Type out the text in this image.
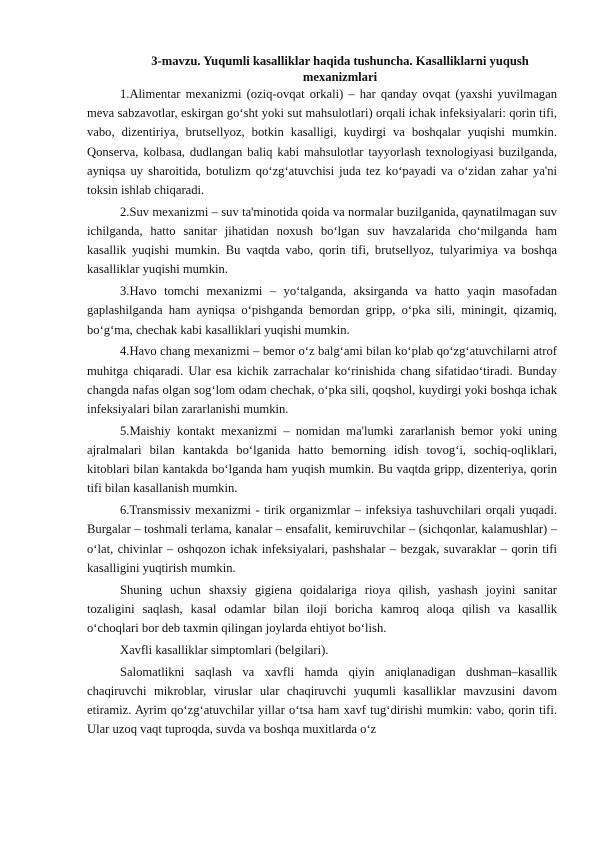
3-mavzu. Yuqumli kasalliklar haqida tushuncha. Kasalliklarni yuqush mexanizmlari

1.Alimentar mexanizmi (oziq-ovqat orkali) – har qanday ovqat (yaxshi yuvilmagan meva sabzavotlar, eskirgan go‘sht yoki sut mahsulotlari) orqali ichak infeksiyalari: qorin tifi, vabo, dizentiriya, brutsellyoz, botkin kasalligi, kuydirgi va boshqalar yuqishi mumkin. Qonserva, kolbasa, dudlangan baliq kabi mahsulotlar tayyorlash texnologiyasi buzilganda, ayniqsa uy sharoitida, botulizm qo‘zg‘atuvchisi juda tez ko‘payadi va o‘zidan zahar ya'ni toksin ishlab chiqaradi.

2.Suv mexanizmi – suv ta'minotida qoida va normalar buzilganida, qaynatilmagan suv ichilganda, hatto sanitar jihatidan noxush bo‘lgan suv havzalarida cho‘milganda ham kasallik yuqishi mumkin. Bu vaqtda vabo, qorin tifi, brutsellyoz, tulyarimiya va boshqa kasalliklar yuqishi mumkin.

3.Havo tomchi mexanizmi – yo‘talganda, aksirganda va hatto yaqin masofadan gaplashilganda ham ayniqsa o‘pishganda bemordan gripp, o‘pka sili, miningit, qizamiq, bo‘g‘ma, chechak kabi kasalliklari yuqishi mumkin.

4.Havo chang mexanizmi – bemor o‘z balg‘ami bilan ko‘plab qo‘zg‘atuvchilarni atrof muhitga chiqaradi. Ular esa kichik zarrachalar ko‘rinishida chang sifatidao‘tiradi. Bunday changda nafas olgan sog‘lom odam chechak, o‘pka sili, qoqshol, kuydirgi yoki boshqa ichak infeksiyalari bilan zararlanishi mumkin.

5.Maishiy kontakt mexanizmi – nomidan ma'lumki zararlanish bemor yoki uning ajralmalari bilan kantakda bo‘lganida hatto bemorning idish tovog‘i, sochiq-oqliklari, kitoblari bilan kantakda bo‘lganda ham yuqish mumkin. Bu vaqtda gripp, dizenteriya, qorin tifi bilan kasallanish mumkin.

6.Transmissiv mexanizmi - tirik organizmlar – infeksiya tashuvchilari orqali yuqadi. Burgalar – toshmali terlama, kanalar – ensafalit, kemiruvchilar – (sichqonlar, kalamushlar) – o‘lat, chivinlar – oshqozon ichak infeksiyalari, pashshalar – bezgak, suvaraklar – qorin tifi kasalligini yuqtirish mumkin.

Shuning uchun shaxsiy gigiena qoidalariga rioya qilish, yashash joyini sanitar tozaligini saqlash, kasal odamlar bilan iloji boricha kamroq aloqa qilish va kasallik o‘choqlari bor deb taxmin qilingan joylarda ehtiyot bo‘lish.

Xavfli kasalliklar simptomlari (belgilari).

Salomatlikni saqlash va xavfli hamda qiyin aniqlanadigan dushman–kasallik chaqiruvchi mikroblar, viruslar ular chaqiruvchi yuqumli kasalliklar mavzusini davom etiramiz. Ayrim qo‘zg‘atuvchilar yillar o‘tsa ham xavf tug‘dirishi mumkin: vabo, qorin tifi. Ular uzoq vaqt tuproqda, suvda va boshqa muxitlarda o‘z
